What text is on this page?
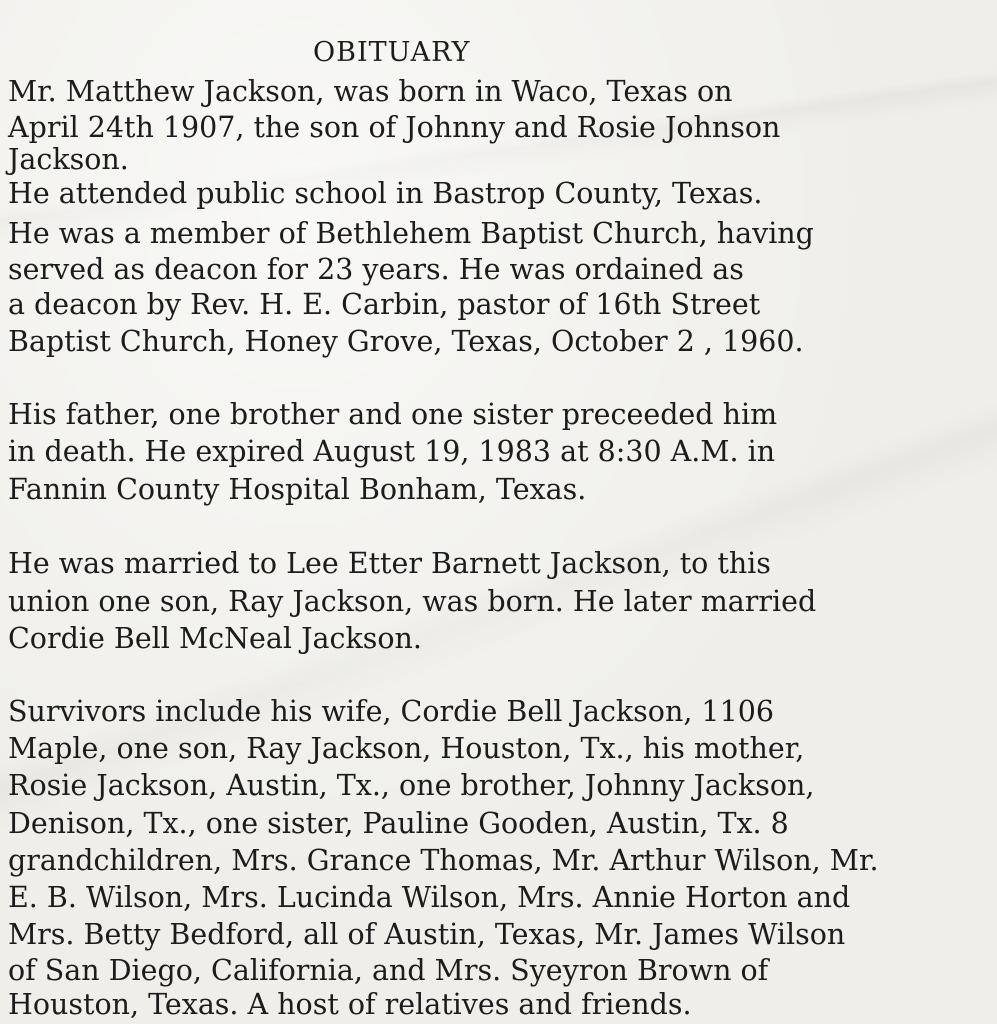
OBITUARY
Mr. Matthew Jackson, was born in Waco, Texas on
April 24th 1907, the son of Johnny and Rosie Johnson
Jackson.
He attended public school in Bastrop County, Texas.
He was a member of Bethlehem Baptist Church, having
served as deacon for 23 years. He was ordained as
a deacon by Rev. H. E. Carbin, pastor of 16th Street
Baptist Church, Honey Grove, Texas, October 2 , 1960.
His father, one brother and one sister preceeded him
in death. He expired August 19, 1983 at 8:30 A.M. in
Fannin County Hospital Bonham, Texas.
He was married to Lee Etter Barnett Jackson, to this
union one son, Ray Jackson, was born. He later married
Cordie Bell McNeal Jackson.
Survivors include his wife, Cordie Bell Jackson, 1106
Maple, one son, Ray Jackson, Houston, Tx., his mother,
Rosie Jackson, Austin, Tx., one brother, Johnny Jackson,
Denison, Tx., one sister, Pauline Gooden, Austin, Tx. 8
grandchildren, Mrs. Grance Thomas, Mr. Arthur Wilson, Mr.
E. B. Wilson, Mrs. Lucinda Wilson, Mrs. Annie Horton and
Mrs. Betty Bedford, all of Austin, Texas, Mr. James Wilson
of San Diego, California, and Mrs. Syeyron Brown of
Houston, Texas. A host of relatives and friends.
